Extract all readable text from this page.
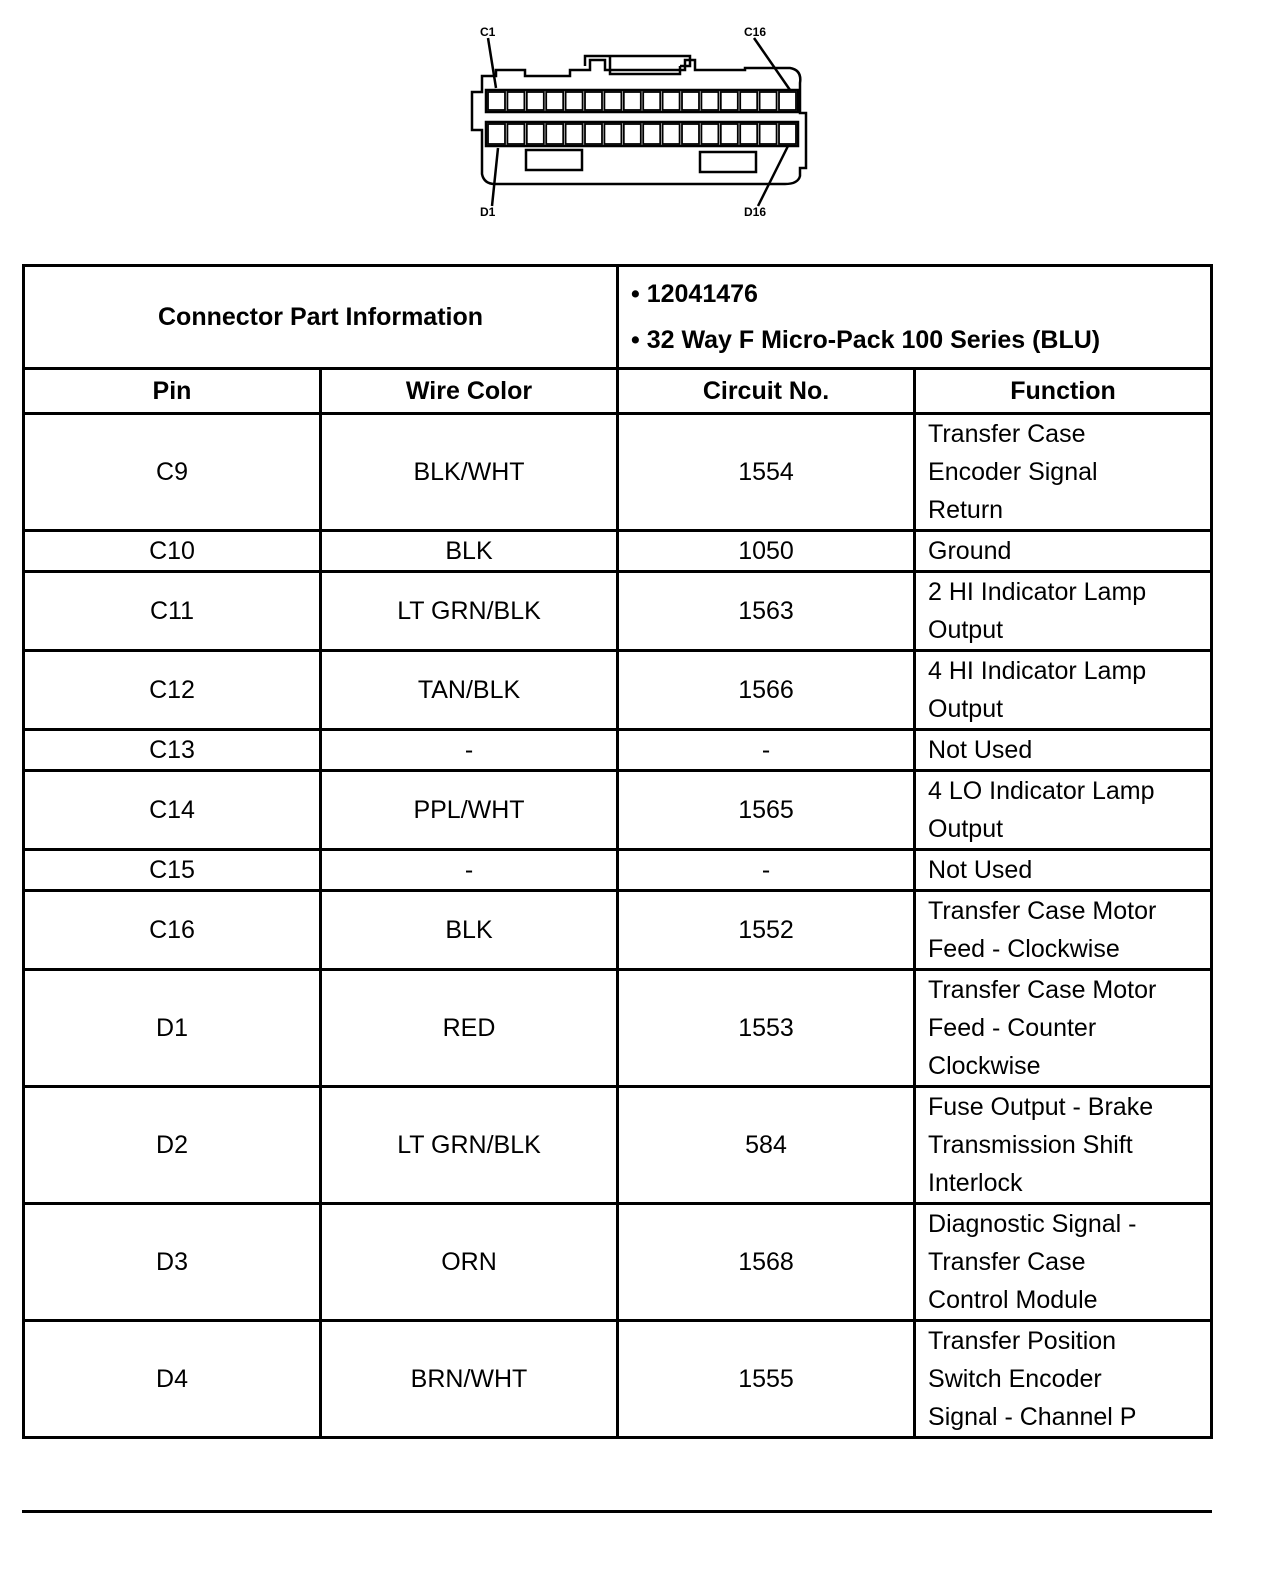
C1	C16
D1	D16
Connector Part Information		• 12041476
• 32 Way F Micro-Pack 100 Series (BLU)	

Pin	Wire Color	Circuit No.	Function
C9	BLK/WHT	1554	Transfer Case
Encoder Signal
Return

C10	BLK	1050	Ground

C11	LT GRN/BLK	1563	2 HI Indicator Lamp
Output

C12	TAN/BLK	1566	4 HI Indicator Lamp
Output

C13	-	-	Not Used

C14	PPL/WHT	1565	4 LO Indicator Lamp
Output

C15	-	-	Not Used

C16	BLK	1552	Transfer Case Motor
Feed - Clockwise

D1	RED	1553	Transfer Case Motor
Feed - Counter
Clockwise

D2	LT GRN/BLK	584	Fuse Output - Brake
Transmission Shift
Interlock

D3	ORN	1568	Diagnostic Signal -
Transfer Case
Control Module

D4	BRN/WHT	1555	Transfer Position
Switch Encoder
Signal - Channel P
